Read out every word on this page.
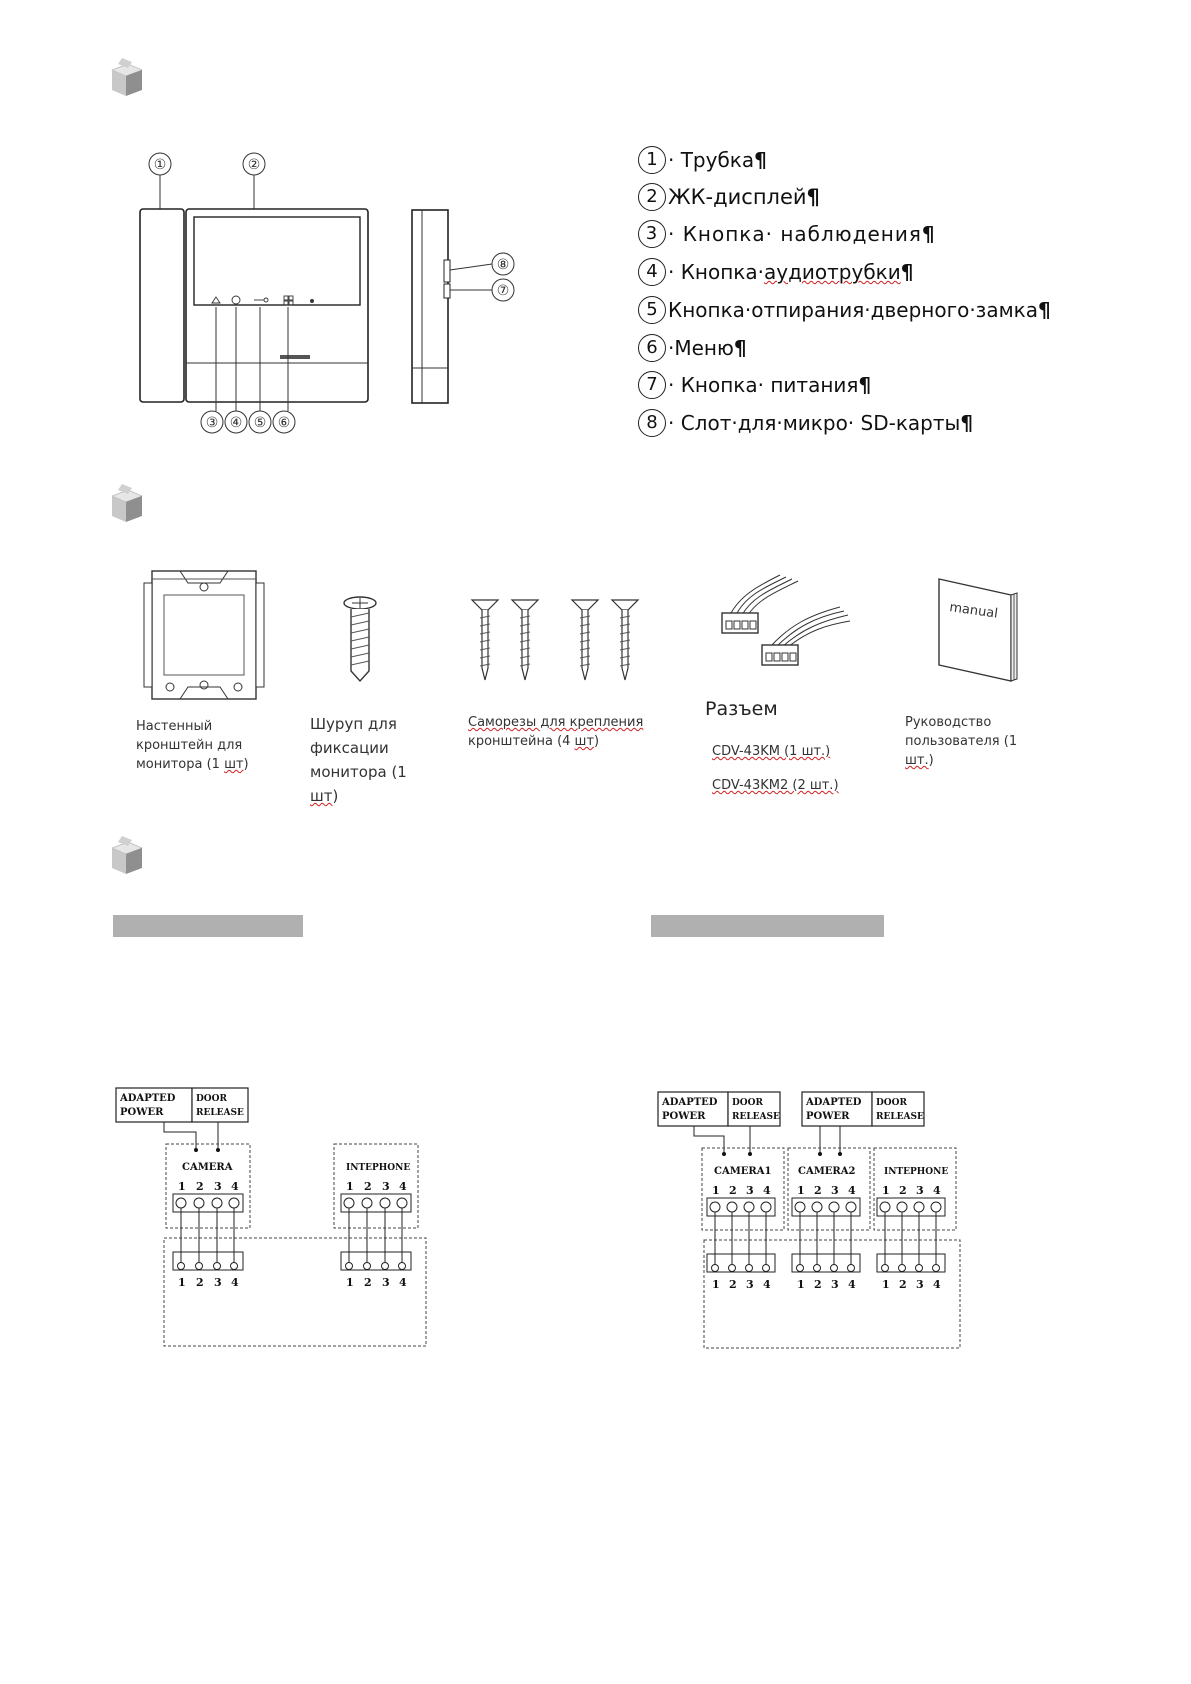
①	②
③ ④ ⑤ ⑥
⑧
⑦
1 · Трубка¶
2 ЖК-дисплей¶
3 · Кнопка· наблюдения¶
4 · Кнопка·аудиотрубки¶
5 Кнопка·отпирания·дверного·замка¶
6 ·Меню¶
7 · Кнопка· питания¶
8 · Слот·для·микро· SD-карты¶
Настенный
кронштейн для
монитора (1 шт)
Шуруп для
фиксации
монитора (1
шт)
Саморезы для крепления
кронштейна (4 шт)
Разъем
CDV-43KM (1 шт.)
CDV-43KM2 (2 шт.)
manual
Руководство пользователя (1
шт.)
ADAPTED
POWER
DOOR
RELEASE
CAMERA
1 2 3 4
INTEPHONE
1 2 3 4
1 2 3 4	1 2 3 4
ADAPTED
POWER
DOOR
RELEASE
ADAPTED
POWER
DOOR
RELEASE
CAMERA1	CAMERA2	INTEPHONE
1 2 3 4 1 2 3 4 1 2 3 4
1 2 3 4 1 2 3 4 1 2 3 4
